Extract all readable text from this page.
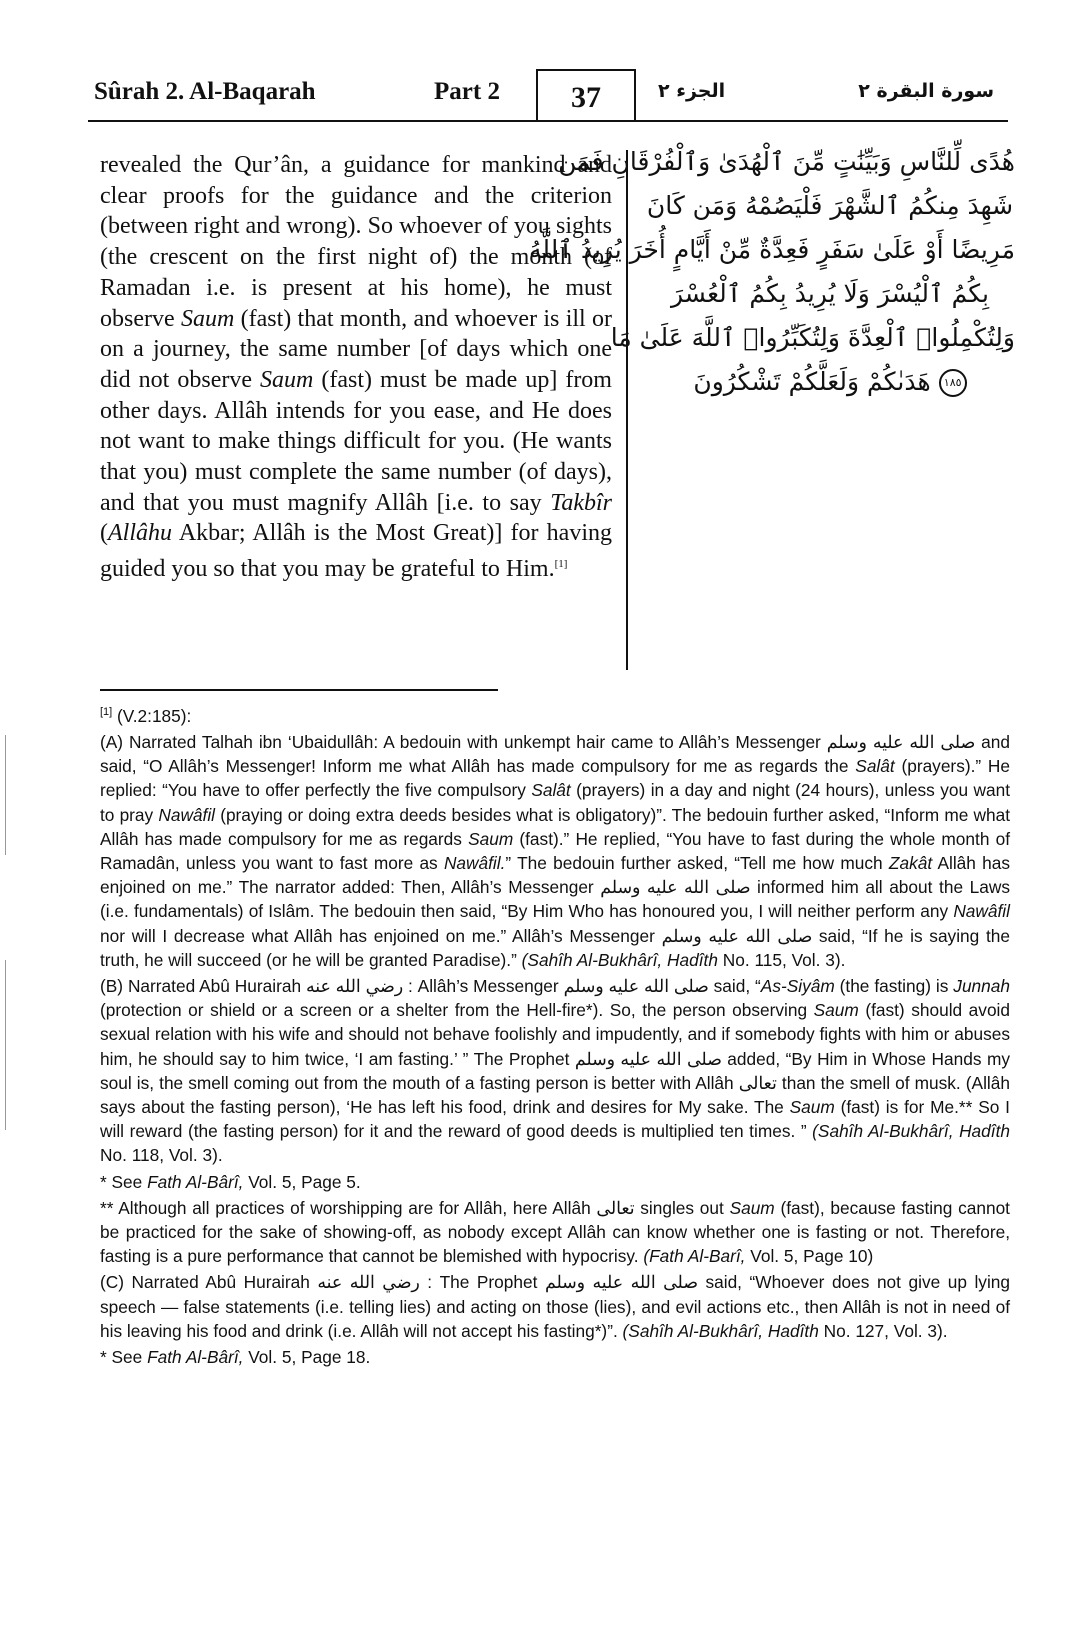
Sûrah 2. Al-Baqarah	Part 2	37	الجزء ٢	سورة البقرة ٢

revealed the Qur’ân, a guidance for mankind and clear proofs for the guidance and the criterion (between right and wrong). So whoever of you sights (the crescent on the first night of) the month (of Ramadan i.e. is present at his home), he must observe Saum (fast) that month, and whoever is ill or on a journey, the same number [of days which one did not observe Saum (fast) must be made up] from other days. Allâh intends for you ease, and He does not want to make things difficult for you. (He wants that you) must complete the same number (of days), and that you must magnify Allâh [i.e. to say Takbîr (Allâhu Akbar; Allâh is the Most Great)] for having guided you so that you may be grateful to Him.[1]

هُدًى لِّلنَّاسِ وَبَيِّنَٰتٍ مِّنَ ٱلْهُدَىٰ وَٱلْفُرْقَانِ فَمَن
شَهِدَ مِنكُمُ ٱلشَّهْرَ فَلْيَصُمْهُ وَمَن كَانَ
مَرِيضًا أَوْ عَلَىٰ سَفَرٍ فَعِدَّةٌ مِّنْ أَيَّامٍ أُخَرَ يُرِيدُ ٱللَّهُ
بِكُمُ ٱلْيُسْرَ وَلَا يُرِيدُ بِكُمُ ٱلْعُسْرَ
وَلِتُكْمِلُوا۟ ٱلْعِدَّةَ وَلِتُكَبِّرُوا۟ ٱللَّهَ عَلَىٰ مَا
١٨٥ هَدَىٰكُمْ وَلَعَلَّكُمْ تَشْكُرُونَ

[1] (V.2:185):

(A) Narrated Talhah ibn ‘Ubaidullâh: A bedouin with unkempt hair came to Allâh’s Messenger صلى الله عليه وسلم and said, “O Allâh’s Messenger! Inform me what Allâh has made compulsory for me as regards the Salât (prayers).” He replied: “You have to offer perfectly the five compulsory Salât (prayers) in a day and night (24 hours), unless you want to pray Nawâfil (praying or doing extra deeds besides what is obligatory)”. The bedouin further asked, “Inform me what Allâh has made compulsory for me as regards Saum (fast).” He replied, “You have to fast during the whole month of Ramadân, unless you want to fast more as Nawâfil.” The bedouin further asked, “Tell me how much Zakât Allâh has enjoined on me.” The narrator added: Then, Allâh’s Messenger صلى الله عليه وسلم informed him all about the Laws (i.e. fundamentals) of Islâm. The bedouin then said, “By Him Who has honoured you, I will neither perform any Nawâfil nor will I decrease what Allâh has enjoined on me.” Allâh’s Messenger صلى الله عليه وسلم said, “If he is saying the truth, he will succeed (or he will be granted Paradise).” (Sahîh Al-Bukhârî, Hadîth No. 115, Vol. 3).

(B) Narrated Abû Hurairah رضي الله عنه : Allâh’s Messenger صلى الله عليه وسلم said, “As-Siyâm (the fasting) is Junnah (protection or shield or a screen or a shelter from the Hell-fire*). So, the person observing Saum (fast) should avoid sexual relation with his wife and should not behave foolishly and impudently, and if somebody fights with him or abuses him, he should say to him twice, ‘I am fasting.’ ” The Prophet صلى الله عليه وسلم added, “By Him in Whose Hands my soul is, the smell coming out from the mouth of a fasting person is better with Allâh تعالى than the smell of musk. (Allâh says about the fasting person), ‘He has left his food, drink and desires for My sake. The Saum (fast) is for Me.** So I will reward (the fasting person) for it and the reward of good deeds is multiplied ten times. ” (Sahîh Al-Bukhârî, Hadîth No. 118, Vol. 3).

* See Fath Al-Bârî, Vol. 5, Page 5.

** Although all practices of worshipping are for Allâh, here Allâh تعالى singles out Saum (fast), because fasting cannot be practiced for the sake of showing-off, as nobody except Allâh can know whether one is fasting or not. Therefore, fasting is a pure performance that cannot be blemished with hypocrisy. (Fath Al-Barî, Vol. 5, Page 10)

(C) Narrated Abû Hurairah رضي الله عنه : The Prophet صلى الله عليه وسلم said, “Whoever does not give up lying speech — false statements (i.e. telling lies) and acting on those (lies), and evil actions etc., then Allâh is not in need of his leaving his food and drink (i.e. Allâh will not accept his fasting*)”. (Sahîh Al-Bukhârî, Hadîth No. 127, Vol. 3).

* See Fath Al-Bârî, Vol. 5, Page 18.
